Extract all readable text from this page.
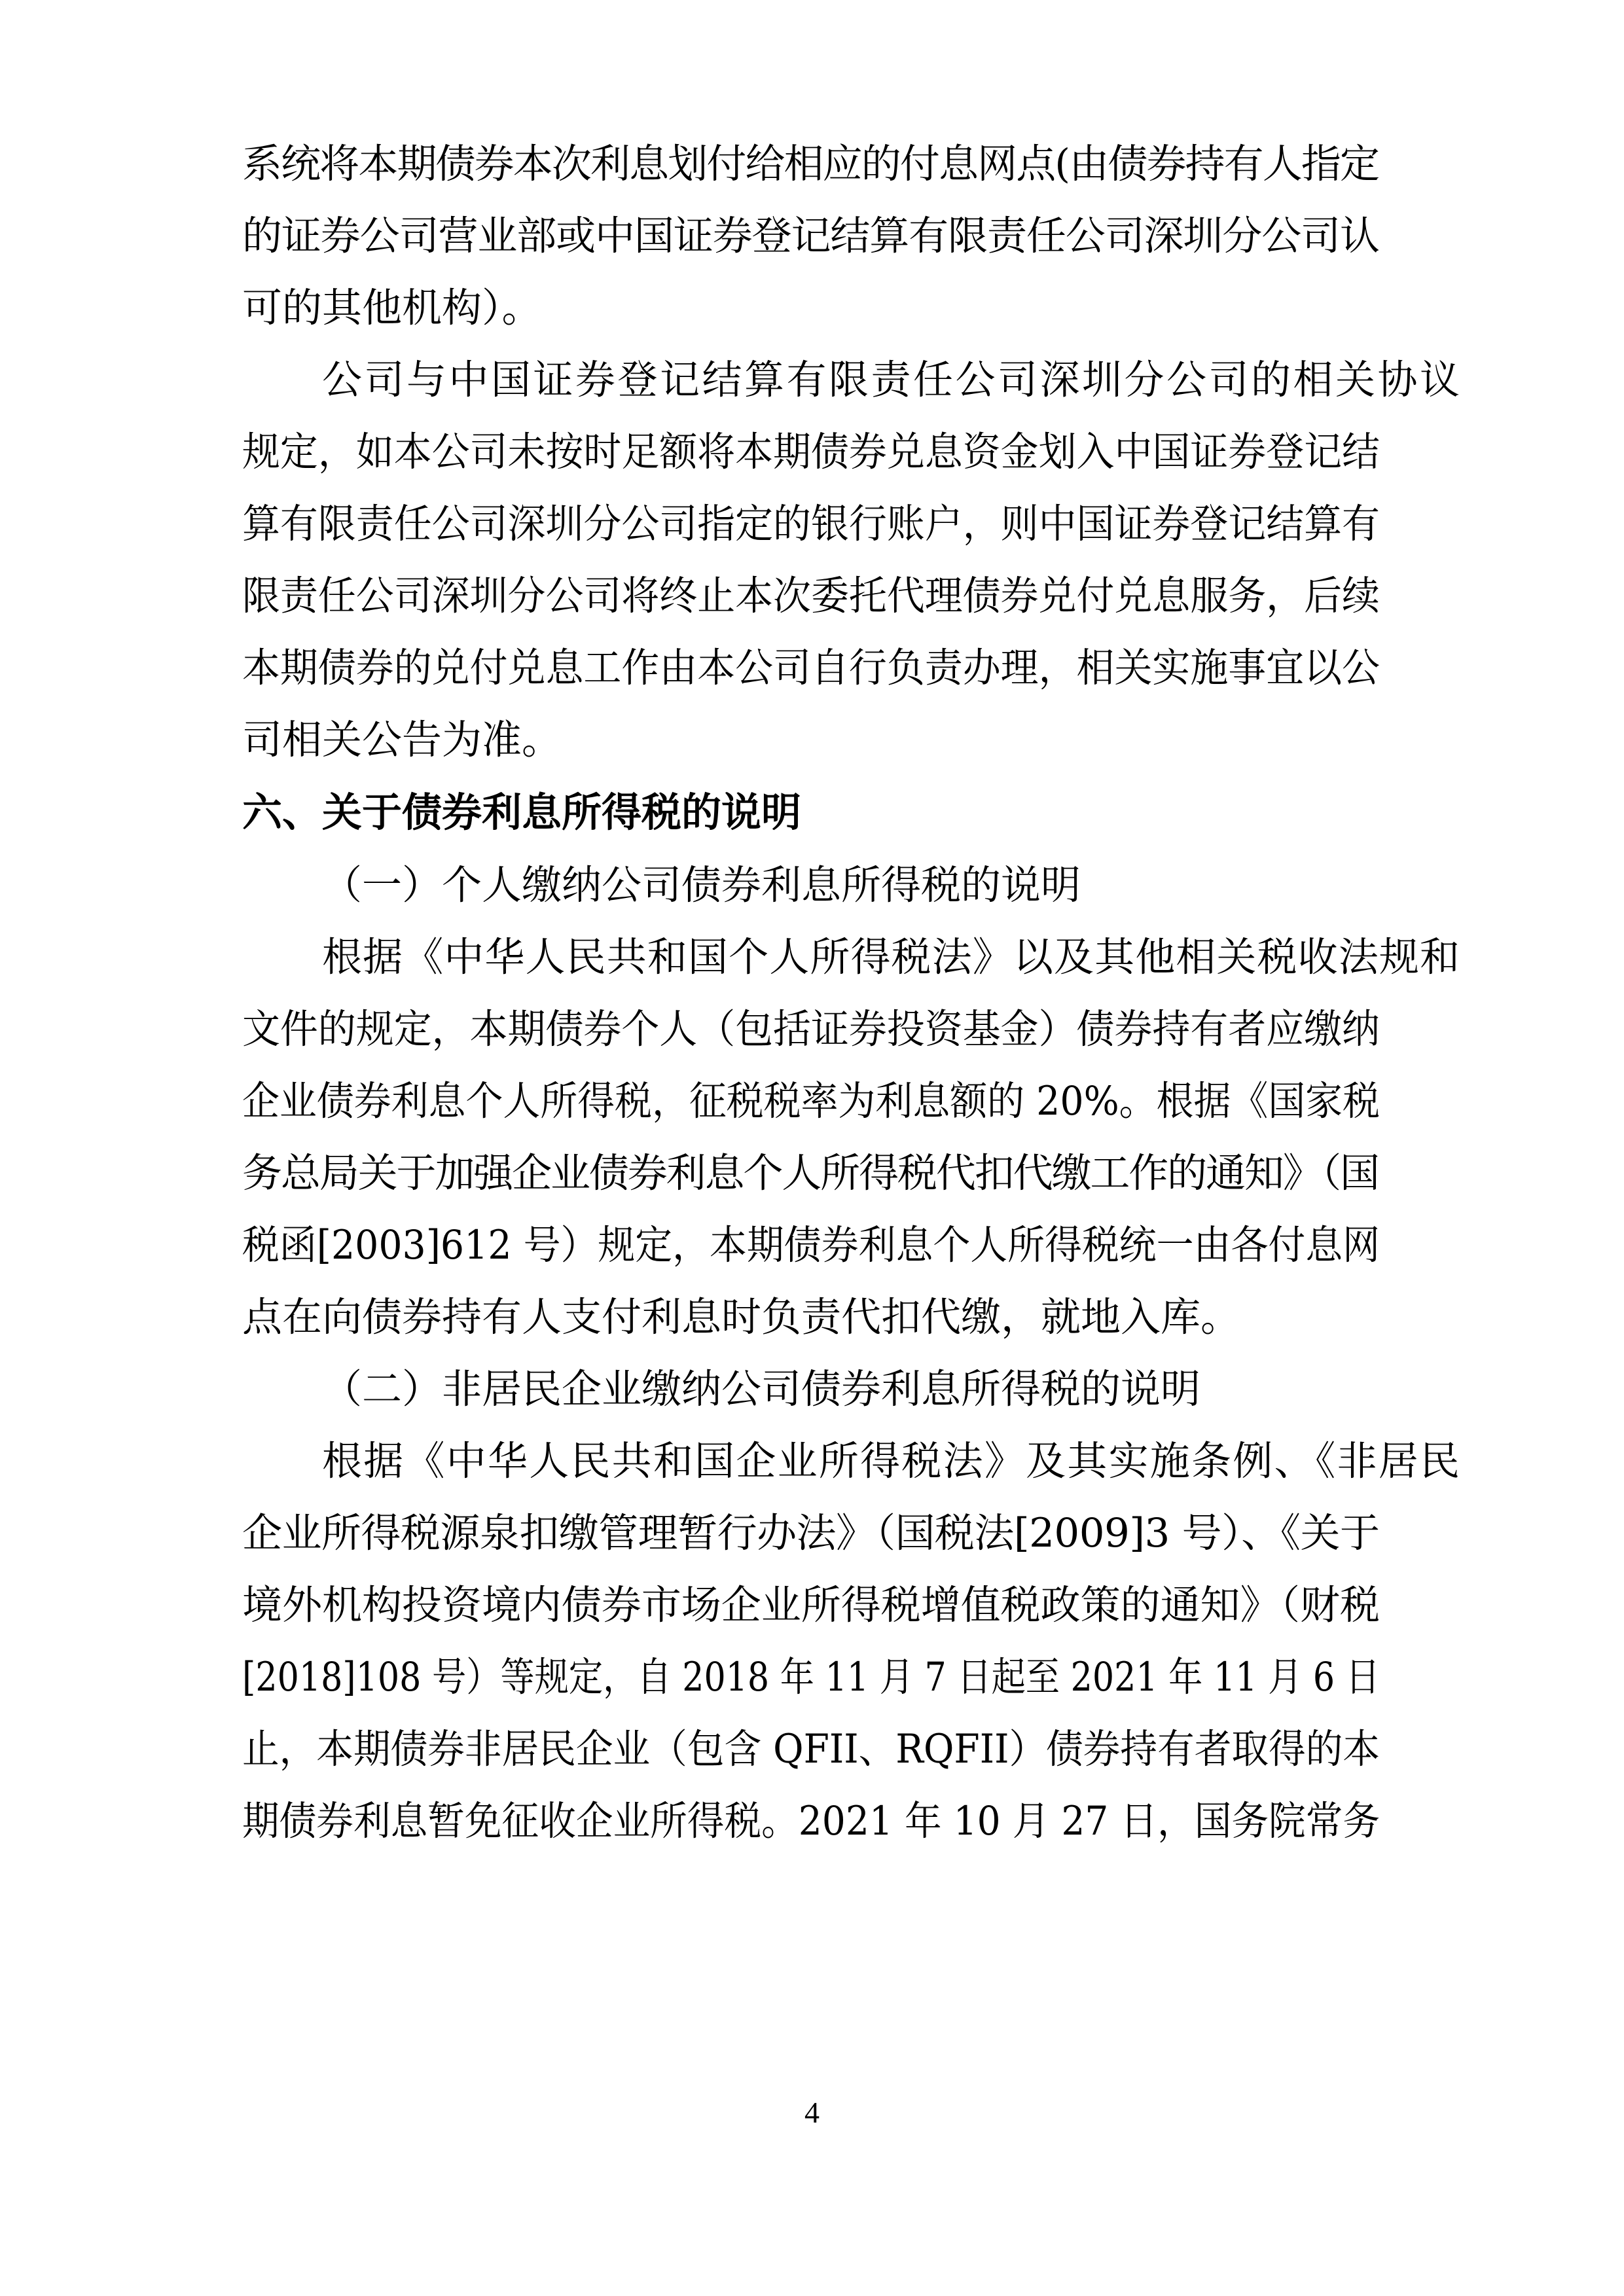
系统将本期债券本次利息划付给相应的付息网点(由债券持有人指定
的证券公司营业部或中国证券登记结算有限责任公司深圳分公司认
可的其他机构）。
公司与中国证券登记结算有限责任公司深圳分公司的相关协议
规定，如本公司未按时足额将本期债券兑息资金划入中国证券登记结
算有限责任公司深圳分公司指定的银行账户，则中国证券登记结算有
限责任公司深圳分公司将终止本次委托代理债券兑付兑息服务，后续
本期债券的兑付兑息工作由本公司自行负责办理，相关实施事宜以公
司相关公告为准。
六、关于债券利息所得税的说明
（一）个人缴纳公司债券利息所得税的说明
根据《中华人民共和国个人所得税法》以及其他相关税收法规和
文件的规定，本期债券个人（包括证券投资基金）债券持有者应缴纳
企业债券利息个人所得税，征税税率为利息额的 20%。根据《国家税
务总局关于加强企业债券利息个人所得税代扣代缴工作的通知》（国
税函[2003]612 号）规定，本期债券利息个人所得税统一由各付息网
点在向债券持有人支付利息时负责代扣代缴，就地入库。
（二）非居民企业缴纳公司债券利息所得税的说明
根据《中华人民共和国企业所得税法》及其实施条例、《非居民
企业所得税源泉扣缴管理暂行办法》（国税法[2009]3 号）、《关于
境外机构投资境内债券市场企业所得税增值税政策的通知》（财税
[2018]108 号）等规定，自 2018 年 11 月 7 日起至 2021 年 11 月 6 日
止，本期债券非居民企业（包含 QFII、RQFII）债券持有者取得的本
期债券利息暂免征收企业所得税。2021 年 10 月 27 日，国务院常务
4
